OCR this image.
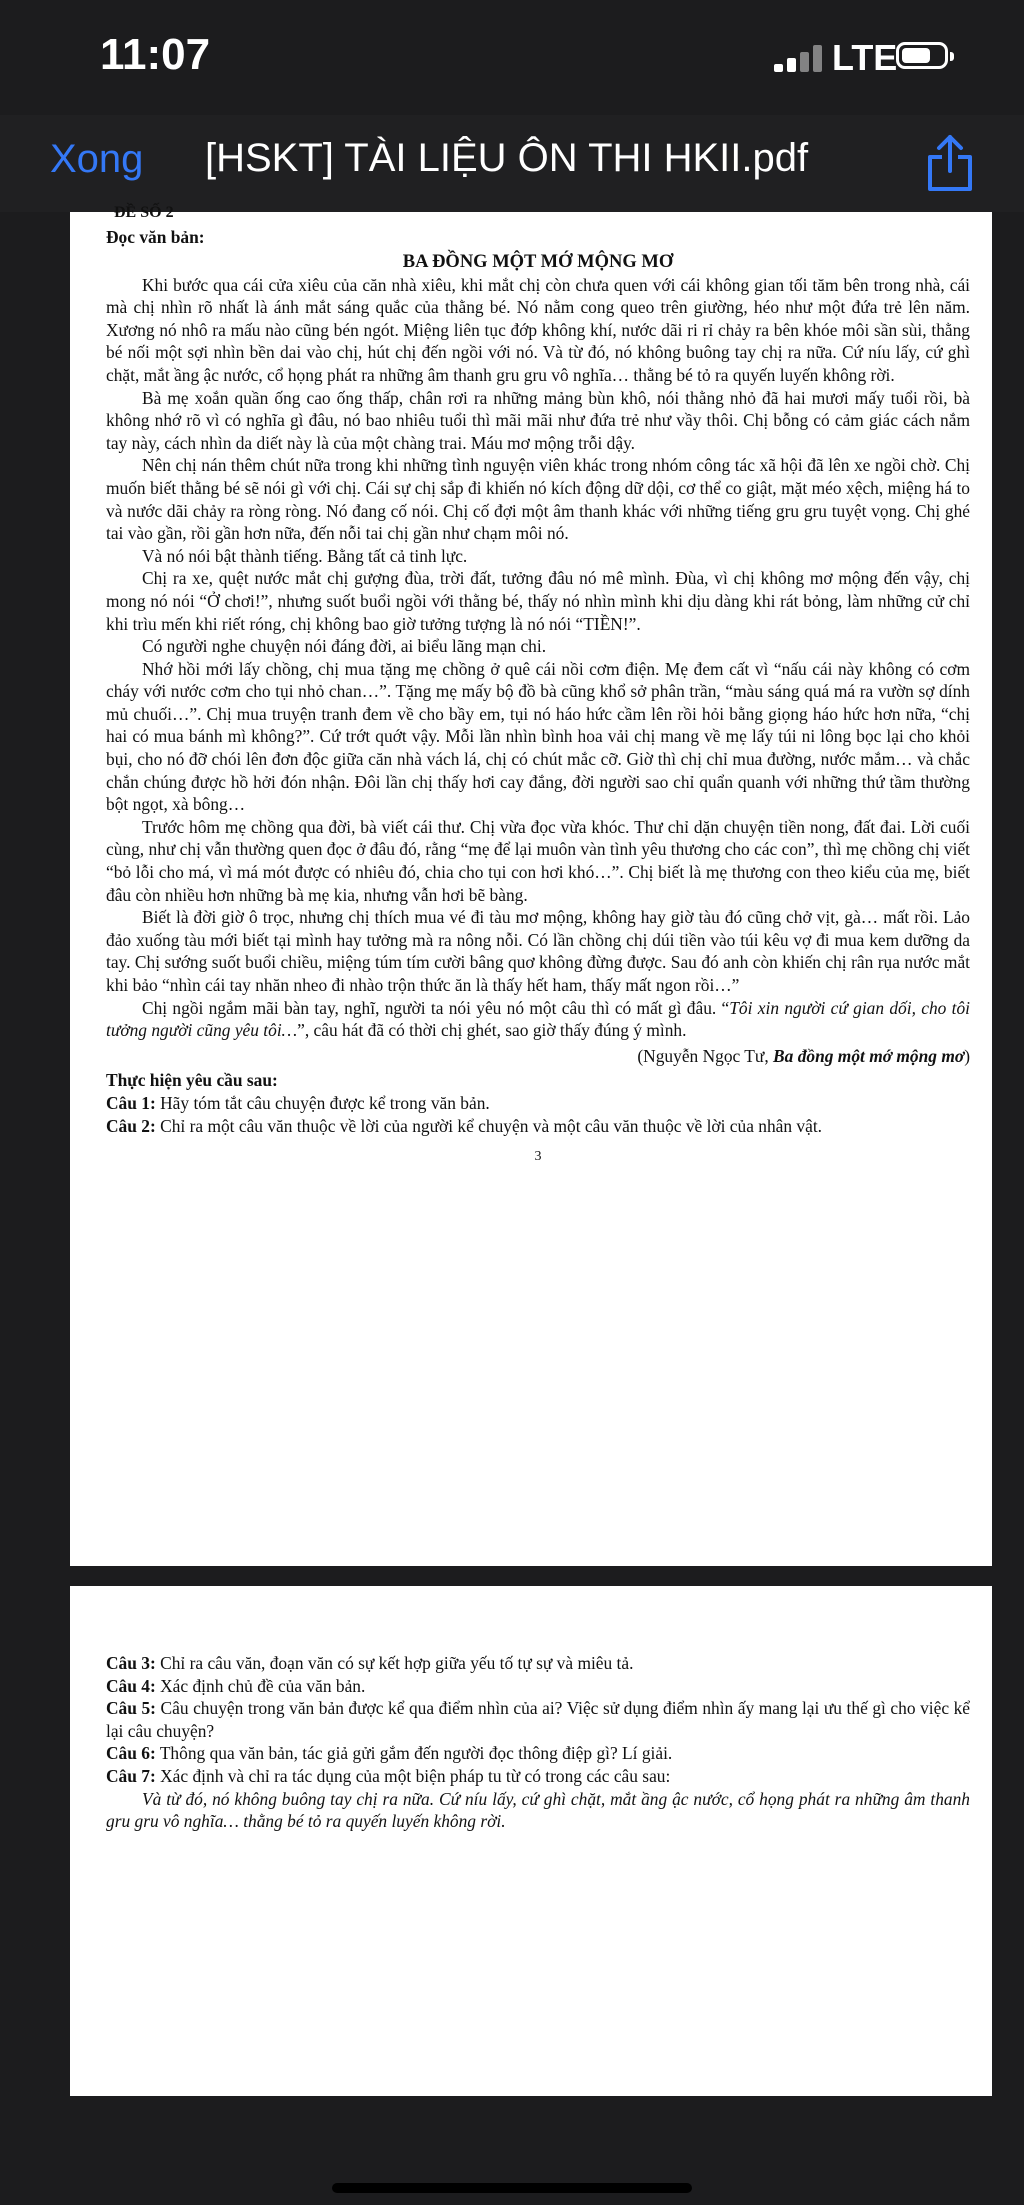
11:07	LTE
Xong [HSKT] TÀI LIỆU ÔN THI HKII.pdf
ĐỀ SỐ 2

Đọc văn bản:

BA ĐỒNG MỘT MỚ MỘNG MƠ

Khi bước qua cái cửa xiêu của căn nhà xiêu, khi mắt chị còn chưa quen với cái không gian tối tăm bên trong nhà, cái mà chị nhìn rõ nhất là ánh mắt sáng quắc của thằng bé. Nó nằm cong queo trên giường, héo như một đứa trẻ lên năm. Xương nó nhô ra mấu nào cũng bén ngót. Miệng liên tục đớp không khí, nước dãi ri rỉ chảy ra bên khóe môi sần sùi, thằng bé nối một sợi nhìn bền dai vào chị, hút chị đến ngồi với nó. Và từ đó, nó không buông tay chị ra nữa. Cứ níu lấy, cứ ghì chặt, mắt ầng ậc nước, cổ họng phát ra những âm thanh gru gru vô nghĩa… thằng bé tỏ ra quyến luyến không rời.

Bà mẹ xoắn quần ống cao ống thấp, chân rơi ra những mảng bùn khô, nói thằng nhỏ đã hai mươi mấy tuổi rồi, bà không nhớ rõ vì có nghĩa gì đâu, nó bao nhiêu tuổi thì mãi mãi như đứa trẻ như vầy thôi. Chị bỗng có cảm giác cách nắm tay này, cách nhìn da diết này là của một chàng trai. Máu mơ mộng trỗi dậy.

Nên chị nán thêm chút nữa trong khi những tình nguyện viên khác trong nhóm công tác xã hội đã lên xe ngồi chờ. Chị muốn biết thằng bé sẽ nói gì với chị. Cái sự chị sắp đi khiến nó kích động dữ dội, cơ thể co giật, mặt méo xệch, miệng há to và nước dãi chảy ra ròng ròng. Nó đang cố nói. Chị cố đợi một âm thanh khác với những tiếng gru gru tuyệt vọng. Chị ghé tai vào gần, rồi gần hơn nữa, đến nỗi tai chị gần như chạm môi nó.

Và nó nói bật thành tiếng. Bằng tất cả tinh lực.

Chị ra xe, quệt nước mắt chị gượng đùa, trời đất, tưởng đâu nó mê mình. Đùa, vì chị không mơ mộng đến vậy, chị mong nó nói “Ở chơi!”, nhưng suốt buổi ngồi với thằng bé, thấy nó nhìn mình khi dịu dàng khi rát bỏng, làm những cử chỉ khi trìu mến khi riết róng, chị không bao giờ tưởng tượng là nó nói “TIỀN!”.

Có người nghe chuyện nói đáng đời, ai biểu lãng mạn chi.

Nhớ hồi mới lấy chồng, chị mua tặng mẹ chồng ở quê cái nồi cơm điện. Mẹ đem cất vì “nấu cái này không có cơm cháy với nước cơm cho tụi nhỏ chan…”. Tặng mẹ mấy bộ đồ bà cũng khổ sở phân trần, “màu sáng quá má ra vườn sợ dính mủ chuối…”. Chị mua truyện tranh đem về cho bầy em, tụi nó háo hức cầm lên rồi hỏi bằng giọng háo hức hơn nữa, “chị hai có mua bánh mì không?”. Cứ trớt quớt vậy. Mỗi lần nhìn bình hoa vải chị mang về mẹ lấy túi ni lông bọc lại cho khỏi bụi, cho nó đỡ chói lên đơn độc giữa căn nhà vách lá, chị có chút mắc cỡ. Giờ thì chị chỉ mua đường, nước mắm… và chắc chắn chúng được hồ hởi đón nhận. Đôi lần chị thấy hơi cay đắng, đời người sao chỉ quẩn quanh với những thứ tầm thường bột ngọt, xà bông…

Trước hôm mẹ chồng qua đời, bà viết cái thư. Chị vừa đọc vừa khóc. Thư chỉ dặn chuyện tiền nong, đất đai. Lời cuối cùng, như chị vẫn thường quen đọc ở đâu đó, rằng “mẹ để lại muôn vàn tình yêu thương cho các con”, thì mẹ chồng chị viết “bỏ lỗi cho má, vì má mót được có nhiêu đó, chia cho tụi con hơi khó…”. Chị biết là mẹ thương con theo kiểu của mẹ, biết đâu còn nhiều hơn những bà mẹ kia, nhưng vẫn hơi bẽ bàng.

Biết là đời giờ ô trọc, nhưng chị thích mua vé đi tàu mơ mộng, không hay giờ tàu đó cũng chở vịt, gà… mất rồi. Lảo đảo xuống tàu mới biết tại mình hay tưởng mà ra nông nỗi. Có lần chồng chị dúi tiền vào túi kêu vợ đi mua kem dưỡng da tay. Chị sướng suốt buổi chiều, miệng túm tím cười bâng quơ không đừng được. Sau đó anh còn khiến chị rân rụa nước mắt khi bảo “nhìn cái tay nhăn nheo đi nhào trộn thức ăn là thấy hết ham, thấy mất ngon rồi…”

Chị ngồi ngắm mãi bàn tay, nghĩ, người ta nói yêu nó một câu thì có mất gì đâu. “Tôi xin người cứ gian dối, cho tôi tưởng người cũng yêu tôi…”, câu hát đã có thời chị ghét, sao giờ thấy đúng ý mình.

(Nguyễn Ngọc Tư, Ba đồng một mớ mộng mơ)

Thực hiện yêu cầu sau:

Câu 1: Hãy tóm tắt câu chuyện được kể trong văn bản.

Câu 2: Chỉ ra một câu văn thuộc về lời của người kể chuyện và một câu văn thuộc về lời của nhân vật.

3

Câu 3: Chỉ ra câu văn, đoạn văn có sự kết hợp giữa yếu tố tự sự và miêu tả.

Câu 4: Xác định chủ đề của văn bản.

Câu 5: Câu chuyện trong văn bản được kể qua điểm nhìn của ai? Việc sử dụng điểm nhìn ấy mang lại ưu thế gì cho việc kể lại câu chuyện?

Câu 6: Thông qua văn bản, tác giả gửi gắm đến người đọc thông điệp gì? Lí giải.

Câu 7: Xác định và chỉ ra tác dụng của một biện pháp tu từ có trong các câu sau:

Và từ đó, nó không buông tay chị ra nữa. Cứ níu lấy, cứ ghì chặt, mắt ầng ậc nước, cổ họng phát ra những âm thanh gru gru vô nghĩa… thằng bé tỏ ra quyến luyến không rời.
